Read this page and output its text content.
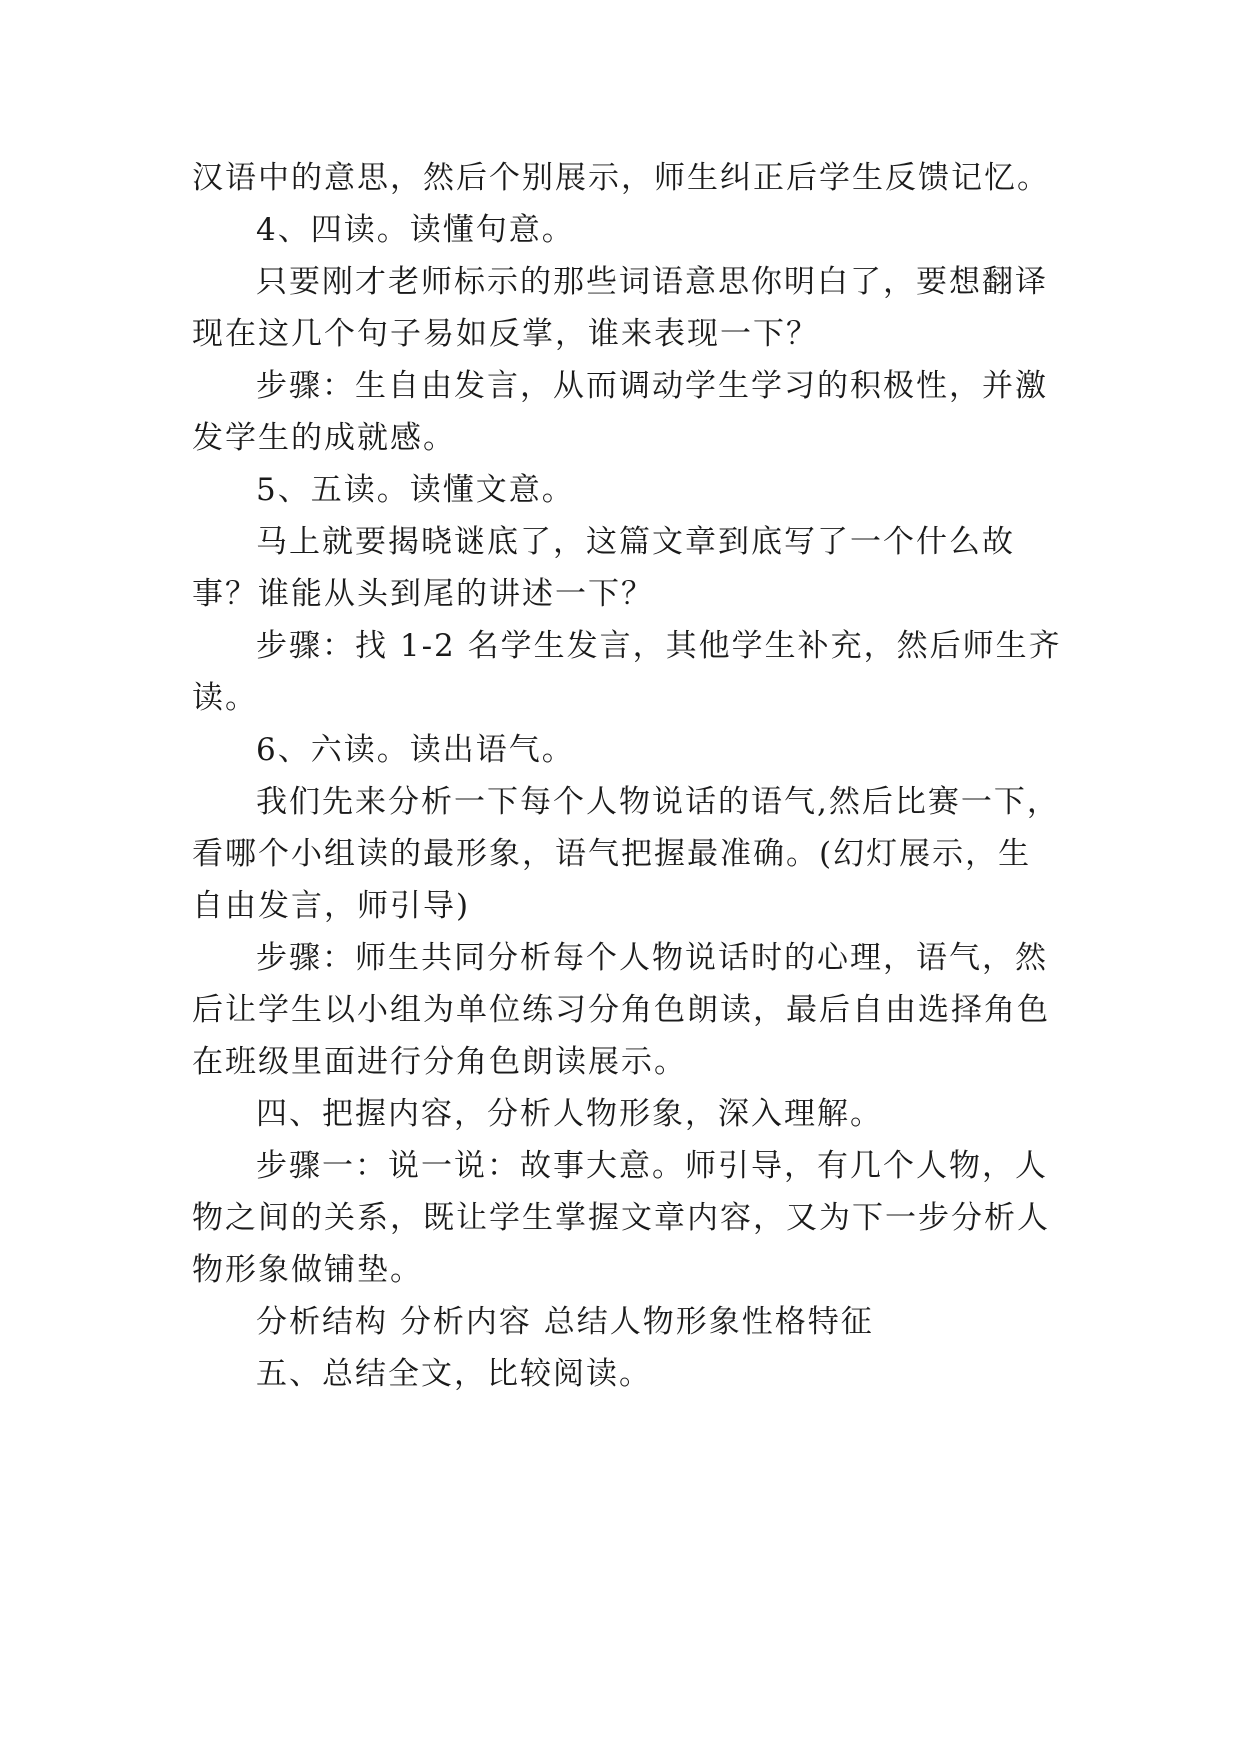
汉语中的意思，然后个别展示，师生纠正后学生反馈记忆。
4、四读。读懂句意。
只要刚才老师标示的那些词语意思你明白了，要想翻译
现在这几个句子易如反掌，谁来表现一下？
步骤：生自由发言，从而调动学生学习的积极性，并激
发学生的成就感。
5、五读。读懂文意。
马上就要揭晓谜底了，这篇文章到底写了一个什么故
事？谁能从头到尾的讲述一下？
步骤：找 1-2 名学生发言，其他学生补充，然后师生齐
读。
6、六读。读出语气。
我们先来分析一下每个人物说话的语气,然后比赛一下，
看哪个小组读的最形象，语气把握最准确。(幻灯展示，生
自由发言，师引导)
步骤：师生共同分析每个人物说话时的心理，语气，然
后让学生以小组为单位练习分角色朗读，最后自由选择角色
在班级里面进行分角色朗读展示。
四、把握内容，分析人物形象，深入理解。
步骤一：说一说：故事大意。师引导，有几个人物，人
物之间的关系，既让学生掌握文章内容，又为下一步分析人
物形象做铺垫。
分析结构 分析内容 总结人物形象性格特征
五、总结全文，比较阅读。
